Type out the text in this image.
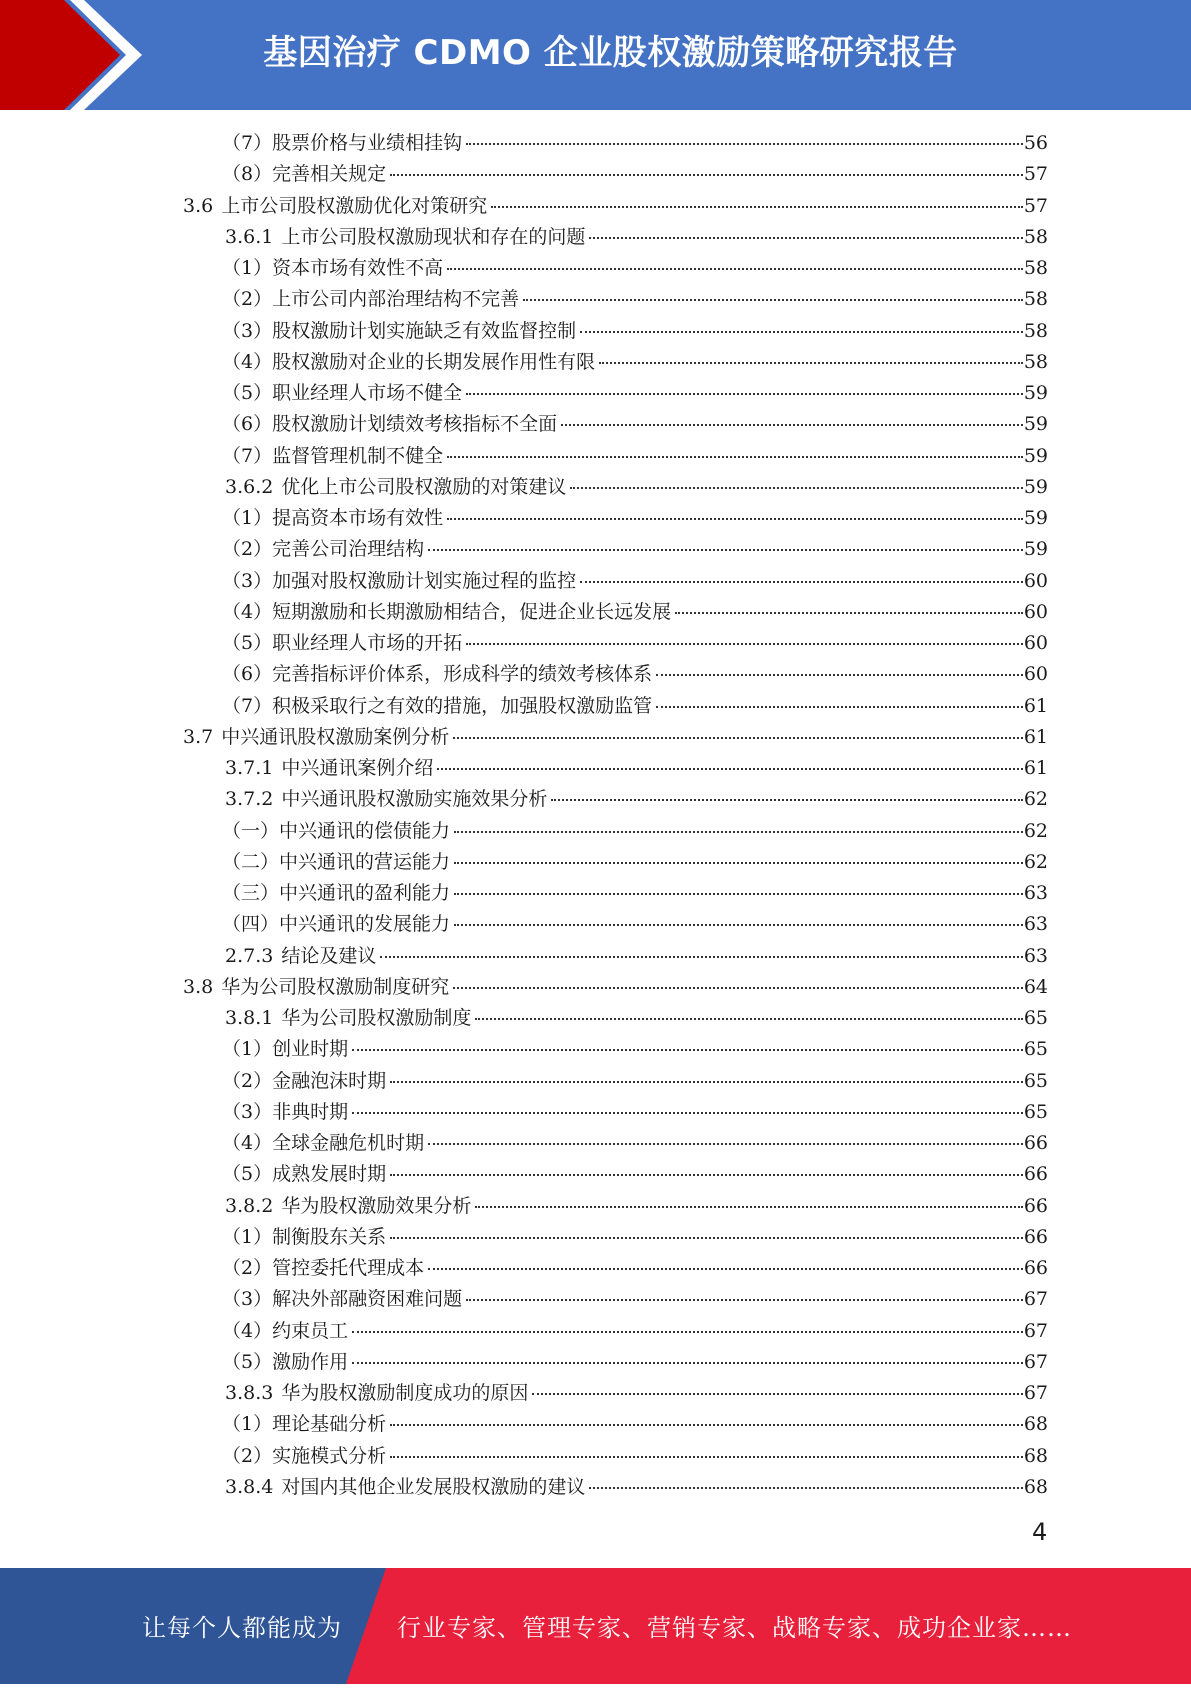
基因治疗 CDMO 企业股权激励策略研究报告
（7） 股票价格与业绩相挂钩	56
（8） 完善相关规定	57
3.6 上市公司股权激励优化对策研究	57
3.6.1 上市公司股权激励现状和存在的问题	58
（1） 资本市场有效性不高	58
（2） 上市公司内部治理结构不完善	58
（3） 股权激励计划实施缺乏有效监督控制	58
（4） 股权激励对企业的长期发展作用性有限	58
（5） 职业经理人市场不健全	59
（6） 股权激励计划绩效考核指标不全面	59
（7） 监督管理机制不健全	59
3.6.2 优化上市公司股权激励的对策建议	59
（1） 提高资本市场有效性	59
（2） 完善公司治理结构	59
（3） 加强对股权激励计划实施过程的监控	60
（4） 短期激励和长期激励相结合，促进企业长远发展	60
（5） 职业经理人市场的开拓	60
（6） 完善指标评价体系，形成科学的绩效考核体系	60
（7） 积极采取行之有效的措施，加强股权激励监管	61
3.7 中兴通讯股权激励案例分析	61
3.7.1 中兴通讯案例介绍	61
3.7.2 中兴通讯股权激励实施效果分析	62
（一） 中兴通讯的偿债能力	62
（二） 中兴通讯的营运能力	62
（三） 中兴通讯的盈利能力	63
（四） 中兴通讯的发展能力	63
2.7.3 结论及建议	63
3.8 华为公司股权激励制度研究	64
3.8.1 华为公司股权激励制度	65
（1） 创业时期	65
（2） 金融泡沫时期	65
（3） 非典时期	65
（4） 全球金融危机时期	66
（5） 成熟发展时期	66
3.8.2 华为股权激励效果分析	66
（1） 制衡股东关系	66
（2） 管控委托代理成本	66
（3） 解决外部融资困难问题	67
（4） 约束员工	67
（5） 激励作用	67
3.8.3 华为股权激励制度成功的原因	67
（1） 理论基础分析	68
（2） 实施模式分析	68
3.8.4 对国内其他企业发展股权激励的建议	68
4
让每个人都能成为 行业专家、管理专家、营销专家、战略专家、成功企业家……
